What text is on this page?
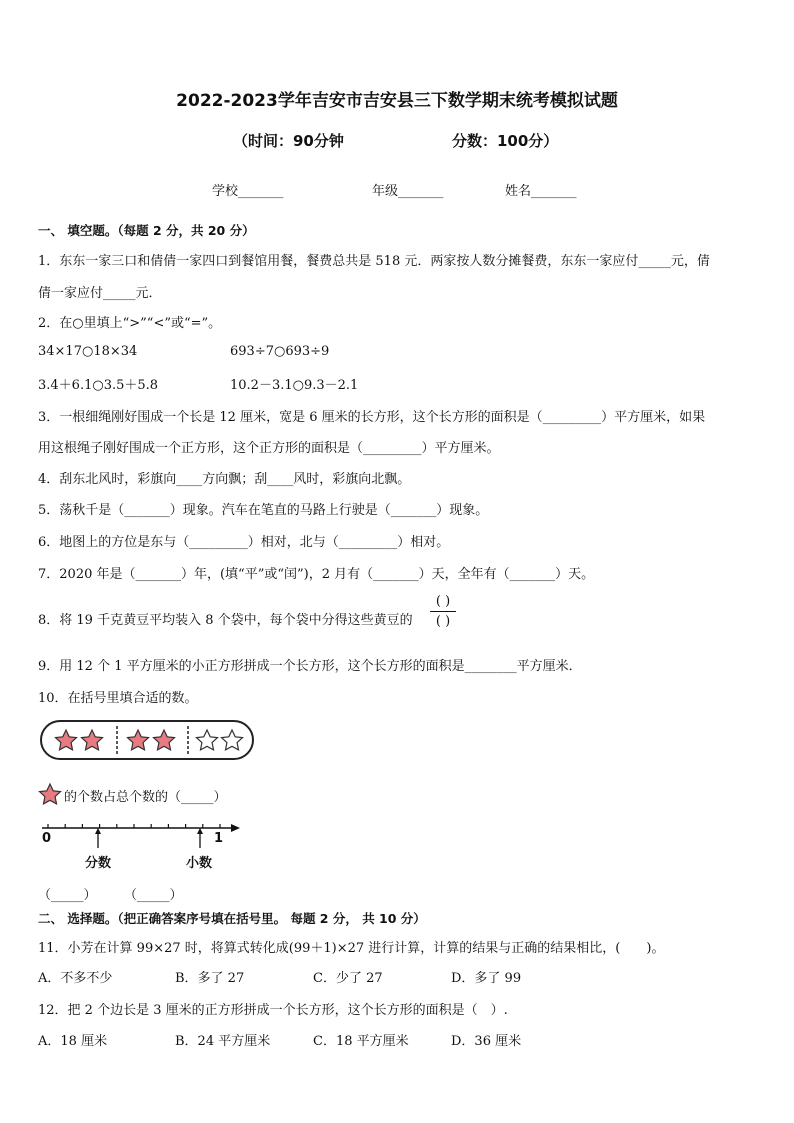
2022-2023学年吉安市吉安县三下数学期末统考模拟试题
（时间：90分钟	分数：100分）
学校_______	年级_______	姓名_______
一、 填空题。（每题 2 分，共 20 分）
1．东东一家三口和倩倩一家四口到餐馆用餐，餐费总共是 518 元．两家按人数分摊餐费，东东一家应付_____元，倩
倩一家应付_____元．
2．在○里填上“>”“<”或“=”。
34×17○18×34	693÷7○693÷9
3.4＋6.1○3.5＋5.8	10.2－3.1○9.3－2.1
3．一根细绳刚好围成一个长是 12 厘米，宽是 6 厘米的长方形，这个长方形的面积是（_________）平方厘米，如果
用这根绳子刚好围成一个正方形，这个正方形的面积是（_________）平方厘米。
4．刮东北风时，彩旗向____方向飘；刮____风时，彩旗向北飘。
5．荡秋千是（_______）现象。汽车在笔直的马路上行驶是（_______）现象。
6．地图上的方位是东与（_________）相对，北与（_________）相对。
7．2020 年是（_______）年，(填“平”或“闰”)，2 月有（_______）天，全年有（_______）天。
8．将 19 千克黄豆平均装入 8 个袋中，每个袋中分得这些黄豆的
( )
( )
9．用 12 个 1 平方厘米的小正方形拼成一个长方形，这个长方形的面积是________平方厘米．
10．在括号里填合适的数。
的个数占总个数的（_____）
0	1
分数	小数
（_____） （_____）
二、 选择题。（把正确答案序号填在括号里。 每题 2 分， 共 10 分）
11．小芳在计算 99×27 时，将算式转化成(99＋1)×27 进行计算，计算的结果与正确的结果相比，(　　)。
A．不多不少	B．多了 27	C．少了 27	D．多了 99
12．把 2 个边长是 3 厘米的正方形拼成一个长方形，这个长方形的面积是（　）.
A．18 厘米	B．24 平方厘米	C．18 平方厘米	D．36 厘米
